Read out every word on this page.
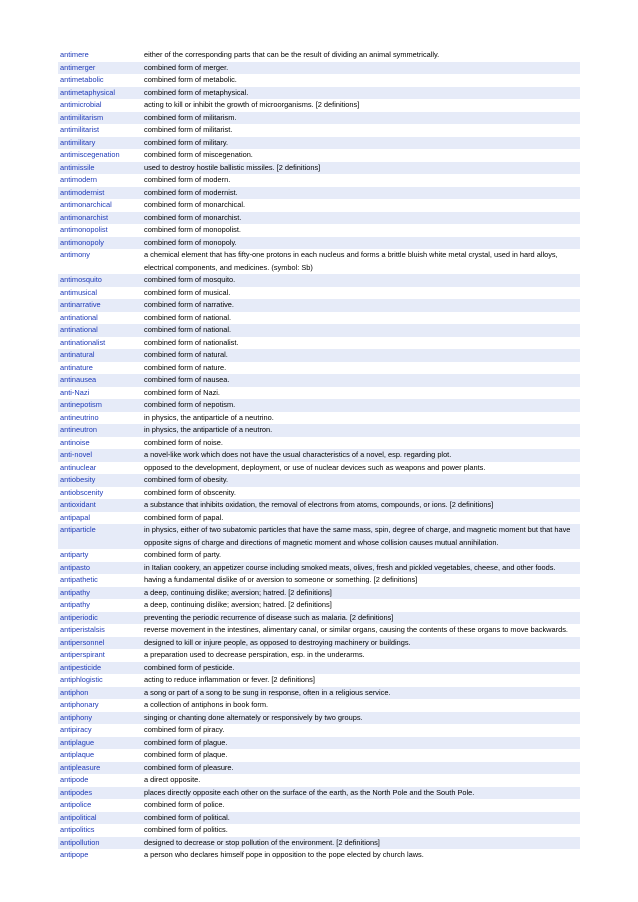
antimere	either of the corresponding parts that can be the result of dividing an animal symmetrically.
antimerger	combined form of merger.
antimetabolic	combined form of metabolic.
antimetaphysical	combined form of metaphysical.
antimicrobial	acting to kill or inhibit the growth of microorganisms. [2 definitions]
antimilitarism	combined form of militarism.
antimilitarist	combined form of militarist.
antimilitary	combined form of military.
antimiscegenation	combined form of miscegenation.
antimissile	used to destroy hostile ballistic missiles. [2 definitions]
antimodern	combined form of modern.
antimodernist	combined form of modernist.
antimonarchical	combined form of monarchical.
antimonarchist	combined form of monarchist.
antimonopolist	combined form of monopolist.
antimonopoly	combined form of monopoly.
antimony	a chemical element that has fifty-one protons in each nucleus and forms a brittle bluish white metal crystal, used in hard alloys, electrical components, and medicines. (symbol: Sb)
antimosquito	combined form of mosquito.
antimusical	combined form of musical.
antinarrative	combined form of narrative.
antinational	combined form of national.
antinational	combined form of national.
antinationalist	combined form of nationalist.
antinatural	combined form of natural.
antinature	combined form of nature.
antinausea	combined form of nausea.
anti-Nazi	combined form of Nazi.
antinepotism	combined form of nepotism.
antineutrino	in physics, the antiparticle of a neutrino.
antineutron	in physics, the antiparticle of a neutron.
antinoise	combined form of noise.
anti-novel	a novel-like work which does not have the usual characteristics of a novel, esp. regarding plot.
antinuclear	opposed to the development, deployment, or use of nuclear devices such as weapons and power plants.
antiobesity	combined form of obesity.
antiobscenity	combined form of obscenity.
antioxidant	a substance that inhibits oxidation, the removal of electrons from atoms, compounds, or ions. [2 definitions]
antipapal	combined form of papal.
antiparticle	in physics, either of two subatomic particles that have the same mass, spin, degree of charge, and magnetic moment but that have opposite signs of charge and directions of magnetic moment and whose collision causes mutual annihilation.
antiparty	combined form of party.
antipasto	in Italian cookery, an appetizer course including smoked meats, olives, fresh and pickled vegetables, cheese, and other foods.
antipathetic	having a fundamental dislike of or aversion to someone or something. [2 definitions]
antipathy	a deep, continuing dislike; aversion; hatred. [2 definitions]
antipathy	a deep, continuing dislike; aversion; hatred. [2 definitions]
antiperiodic	preventing the periodic recurrence of disease such as malaria. [2 definitions]
antiperistalsis	reverse movement in the intestines, alimentary canal, or similar organs, causing the contents of these organs to move backwards.
antipersonnel	designed to kill or injure people, as opposed to destroying machinery or buildings.
antiperspirant	a preparation used to decrease perspiration, esp. in the underarms.
antipesticide	combined form of pesticide.
antiphlogistic	acting to reduce inflammation or fever. [2 definitions]
antiphon	a song or part of a song to be sung in response, often in a religious service.
antiphonary	a collection of antiphons in book form.
antiphony	singing or chanting done alternately or responsively by two groups.
antipiracy	combined form of piracy.
antiplague	combined form of plague.
antiplaque	combined form of plaque.
antipleasure	combined form of pleasure.
antipode	a direct opposite.
antipodes	places directly opposite each other on the surface of the earth, as the North Pole and the South Pole.
antipolice	combined form of police.
antipolitical	combined form of political.
antipolitics	combined form of politics.
antipollution	designed to decrease or stop pollution of the environment. [2 definitions]
antipope	a person who declares himself pope in opposition to the pope elected by church laws.
